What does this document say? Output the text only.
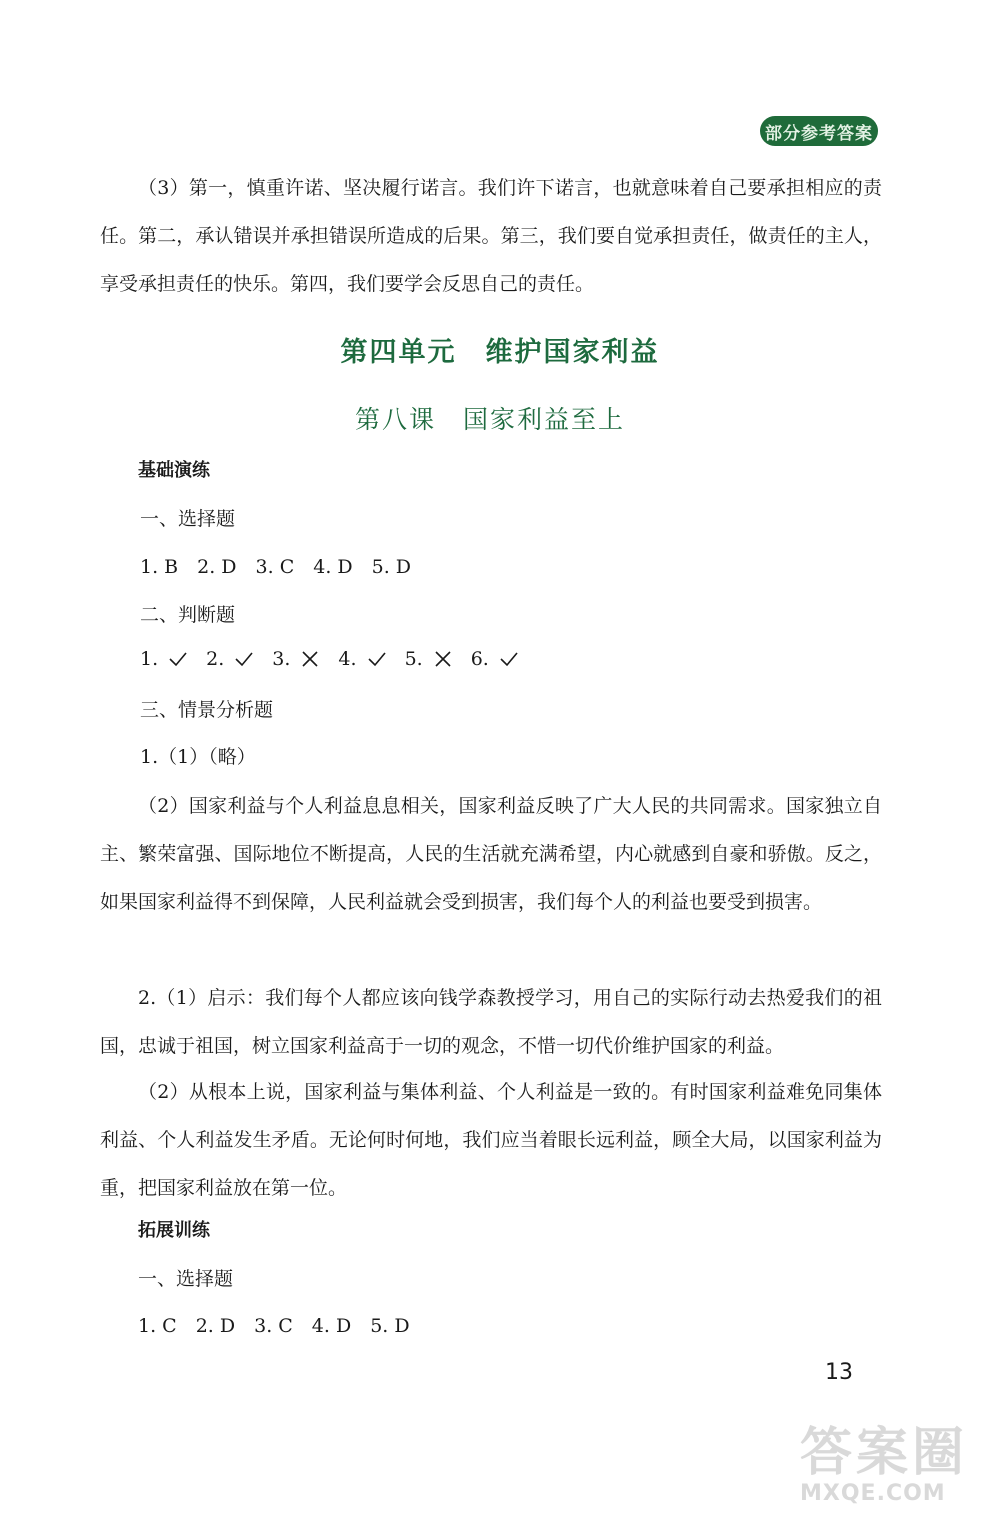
部分参考答案
（3）第一，慎重许诺、坚决履行诺言。我们许下诺言，也就意味着自己要承担相应的责任。第二，承认错误并承担错误所造成的后果。第三，我们要自觉承担责任，做责任的主人，享受承担责任的快乐。第四，我们要学会反思自己的责任。
第四单元　维护国家利益
第八课　国家利益至上
基础演练
一、选择题
1. B　2. D　3. C　4. D　5. D
二、判断题
1.	2.	3.	4.	5.	6.
三、情景分析题
1.（1）（略）
（2）国家利益与个人利益息息相关，国家利益反映了广大人民的共同需求。国家独立自主、繁荣富强、国际地位不断提高，人民的生活就充满希望，内心就感到自豪和骄傲。反之，如果国家利益得不到保障，人民利益就会受到损害，我们每个人的利益也要受到损害。
2.（1）启示：我们每个人都应该向钱学森教授学习，用自己的实际行动去热爱我们的祖国，忠诚于祖国，树立国家利益高于一切的观念，不惜一切代价维护国家的利益。
（2）从根本上说，国家利益与集体利益、个人利益是一致的。有时国家利益难免同集体利益、个人利益发生矛盾。无论何时何地，我们应当着眼长远利益，顾全大局，以国家利益为重，把国家利益放在第一位。
拓展训练
一、选择题
1. C　2. D　3. C　4. D　5. D
13
答案圈
MXQE.COM
